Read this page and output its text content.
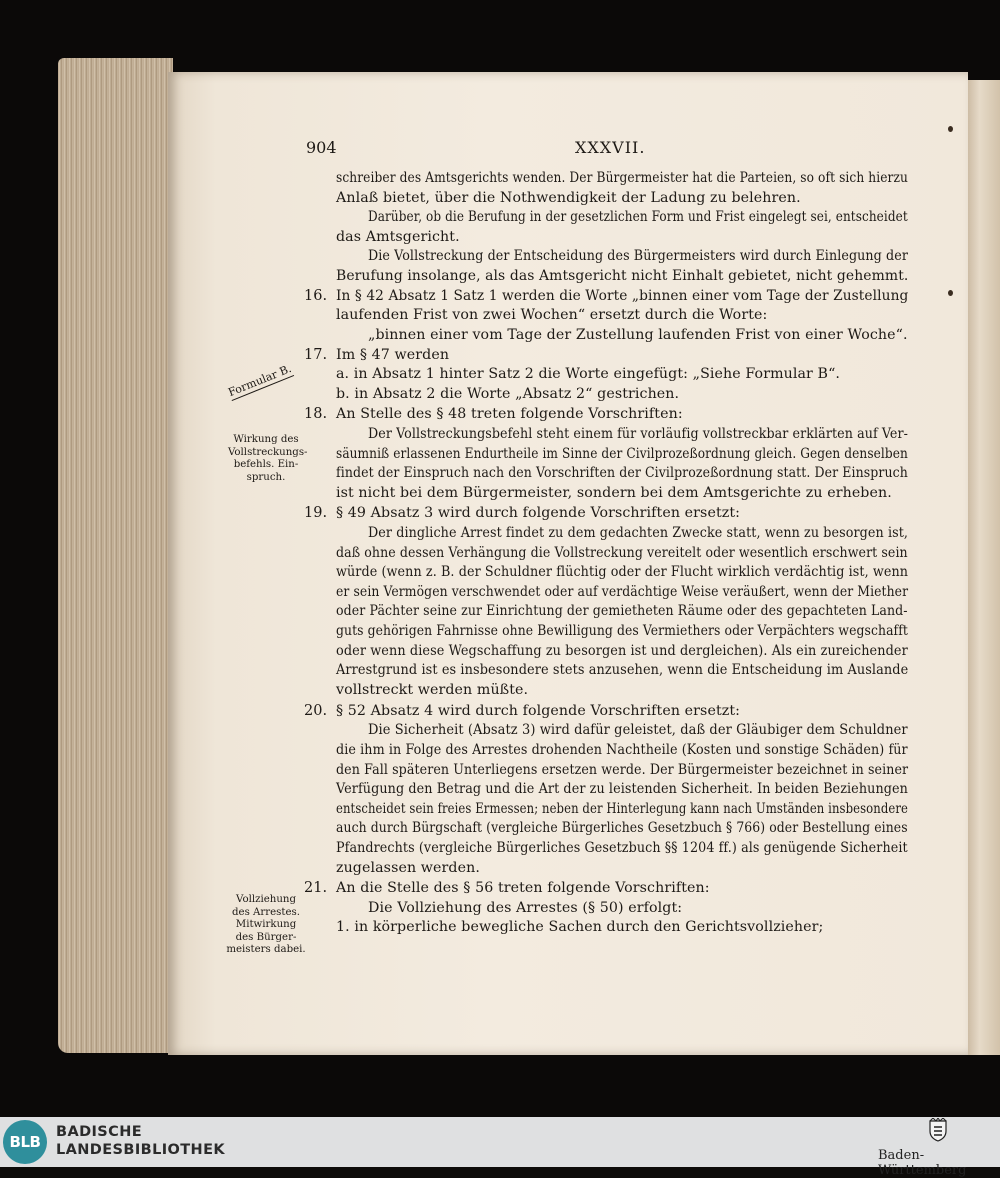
904	XXXVII.
schreiber des Amtsgerichts wenden. Der Bürgermeister hat die Parteien, so oft sich hierzu
Anlaß bietet, über die Nothwendigkeit der Ladung zu belehren.
Darüber, ob die Berufung in der gesetzlichen Form und Frist eingelegt sei, entscheidet
das Amtsgericht.
Die Vollstreckung der Entscheidung des Bürgermeisters wird durch Einlegung der
Berufung insolange, als das Amtsgericht nicht Einhalt gebietet, nicht gehemmt.
16. In § 42 Absatz 1 Satz 1 werden die Worte „binnen einer vom Tage der Zustellung
laufenden Frist von zwei Wochen“ ersetzt durch die Worte:
„binnen einer vom Tage der Zustellung laufenden Frist von einer Woche“.
17. Im § 47 werden
a. in Absatz 1 hinter Satz 2 die Worte eingefügt: „Siehe Formular B“.
b. in Absatz 2 die Worte „Absatz 2“ gestrichen.
18. An Stelle des § 48 treten folgende Vorschriften:
Der Vollstreckungsbefehl steht einem für vorläufig vollstreckbar erklärten auf Ver-
säumniß erlassenen Endurtheile im Sinne der Civilprozeßordnung gleich. Gegen denselben
findet der Einspruch nach den Vorschriften der Civilprozeßordnung statt. Der Einspruch
ist nicht bei dem Bürgermeister, sondern bei dem Amtsgerichte zu erheben.
19. § 49 Absatz 3 wird durch folgende Vorschriften ersetzt:
Der dingliche Arrest findet zu dem gedachten Zwecke statt, wenn zu besorgen ist,
daß ohne dessen Verhängung die Vollstreckung vereitelt oder wesentlich erschwert sein
würde (wenn z. B. der Schuldner flüchtig oder der Flucht wirklich verdächtig ist, wenn
er sein Vermögen verschwendet oder auf verdächtige Weise veräußert, wenn der Miether
oder Pächter seine zur Einrichtung der gemietheten Räume oder des gepachteten Land-
guts gehörigen Fahrnisse ohne Bewilligung des Vermiethers oder Verpächters wegschafft
oder wenn diese Wegschaffung zu besorgen ist und dergleichen). Als ein zureichender
Arrestgrund ist es insbesondere stets anzusehen, wenn die Entscheidung im Auslande
vollstreckt werden müßte.
20. § 52 Absatz 4 wird durch folgende Vorschriften ersetzt:
Die Sicherheit (Absatz 3) wird dafür geleistet, daß der Gläubiger dem Schuldner
die ihm in Folge des Arrestes drohenden Nachtheile (Kosten und sonstige Schäden) für
den Fall späteren Unterliegens ersetzen werde. Der Bürgermeister bezeichnet in seiner
Verfügung den Betrag und die Art der zu leistenden Sicherheit. In beiden Beziehungen
entscheidet sein freies Ermessen; neben der Hinterlegung kann nach Umständen insbesondere
auch durch Bürgschaft (vergleiche Bürgerliches Gesetzbuch § 766) oder Bestellung eines
Pfandrechts (vergleiche Bürgerliches Gesetzbuch §§ 1204 ff.) als genügende Sicherheit
zugelassen werden.
21. An die Stelle des § 56 treten folgende Vorschriften:
Die Vollziehung des Arrestes (§ 50) erfolgt:
1. in körperliche bewegliche Sachen durch den Gerichtsvollzieher;
Formular B.
Wirkung des
Vollstreckungs-
befehls. Ein-
spruch.
Vollziehung
des Arrestes.
Mitwirkung
des Bürger-
meisters dabei.
BLB
BADISCHE
LANDESBIBLIOTHEK	Baden-Württemberg
